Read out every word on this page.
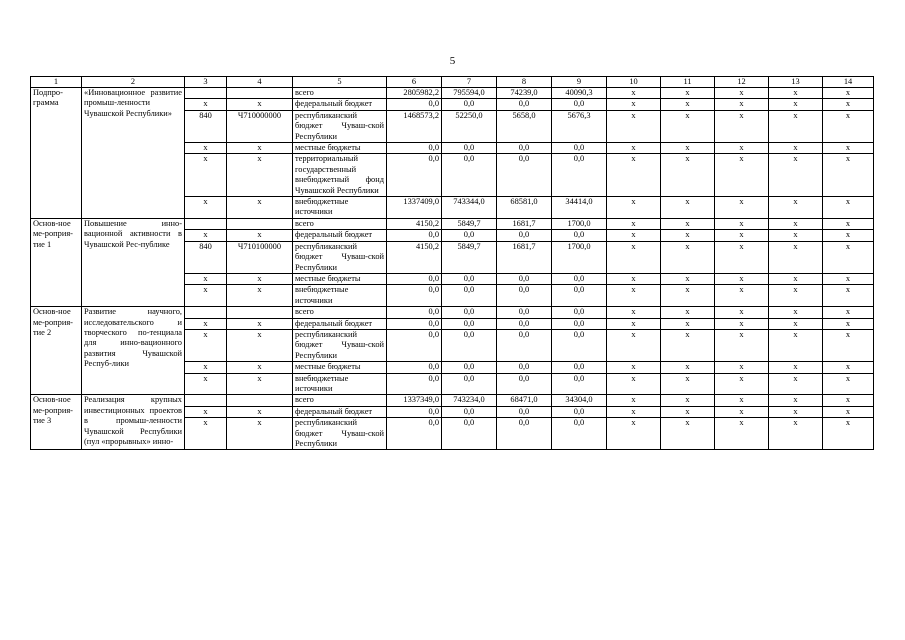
5
1	2	3	4	5	6	7	8	9	10	11	12	13	14
Подпро-грамма	«Инновационное развитие промыш-ленности Чувашской Республики»			всего	2805982,2	795594,0	74239,0	40090,3	х	х	х	х	х
		х	х	федеральный бюджет	0,0	0,0	0,0	0,0	х	х	х	х	х
		840	Ч710000000	республиканский бюджет Чуваш-ской Республики	1468573,2	52250,0	5658,0	5676,3	х	х	х	х	х
		х	х	местные бюджеты	0,0	0,0	0,0	0,0	х	х	х	х	х
		х	х	территориальный государственный внебюджетный фонд Чувашской Республики	0,0	0,0	0,0	0,0	х	х	х	х	х
		х	х	внебюджетные источники	1337409,0	743344,0	68581,0	34414,0	х	х	х	х	х
Основ-ное ме-роприя-тие 1	Повышение инно-вационной активности в Чувашской Рес-публике			всего	4150,2	5849,7	1681,7	1700,0	х	х	х	х	х
		х	х	федеральный бюджет	0,0	0,0	0,0	0,0	х	х	х	х	х
		840	Ч710100000	республиканский бюджет Чуваш-ской Республики	4150,2	5849,7	1681,7	1700,0	х	х	х	х	х
		х	х	местные бюджеты	0,0	0,0	0,0	0,0	х	х	х	х	х
		х	х	внебюджетные источники	0,0	0,0	0,0	0,0	х	х	х	х	х
Основ-ное ме-роприя-тие 2	Развитие научного, исследовательского и творческого по-тенциала для инно-вационного развития Чувашской Респуб-лики			всего	0,0	0,0	0,0	0,0	х	х	х	х	х
		х	х	федеральный бюджет	0,0	0,0	0,0	0,0	х	х	х	х	х
		х	х	республиканский бюджет Чуваш-ской Республики	0,0	0,0	0,0	0,0	х	х	х	х	х
		х	х	местные бюджеты	0,0	0,0	0,0	0,0	х	х	х	х	х
		х	х	внебюджетные источники	0,0	0,0	0,0	0,0	х	х	х	х	х
Основ-ное ме-роприя-тие 3	Реализация крупных инвестиционных проектов в промыш-ленности Чувашской Республики (пул «прорывных» инно-			всего	1337349,0	743234,0	68471,0	34304,0	х	х	х	х	х
		х	х	федеральный бюджет	0,0	0,0	0,0	0,0	х	х	х	х	х
		х	х	республиканский бюджет Чуваш-ской Республики	0,0	0,0	0,0	0,0	х	х	х	х	х
